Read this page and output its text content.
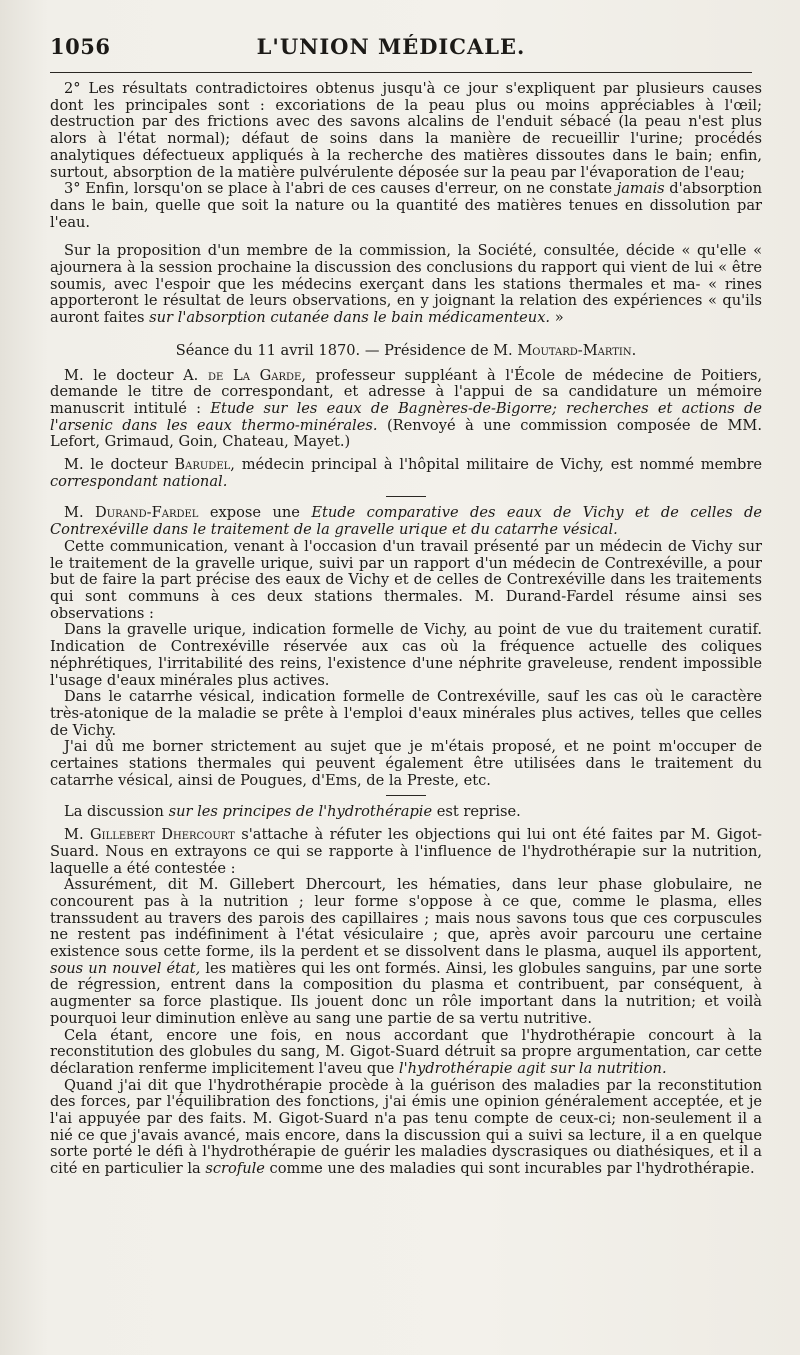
1056	L'UNION MÉDICALE.

2° Les résultats contradictoires obtenus jusqu'à ce jour s'expliquent par plusieurs causes dont les principales sont : excoriations de la peau plus ou moins appréciables à l'œil; destruction par des frictions avec des savons alcalins de l'enduit sébacé (la peau n'est plus alors à l'état normal); défaut de soins dans la manière de recueillir l'urine; procédés analytiques défectueux appliqués à la recherche des matières dissoutes dans le bain; enfin, surtout, absorption de la matière pulvérulente déposée sur la peau par l'évaporation de l'eau;

3° Enfin, lorsqu'on se place à l'abri de ces causes d'erreur, on ne constate jamais d'absorption dans le bain, quelle que soit la nature ou la quantité des matières tenues en dissolution par l'eau.

Sur la proposition d'un membre de la commission, la Société, consultée, décide « qu'elle « ajournera à la session prochaine la discussion des conclusions du rapport qui vient de lui « être soumis, avec l'espoir que les médecins exerçant dans les stations thermales et ma- « rines apporteront le résultat de leurs observations, en y joignant la relation des expériences « qu'ils auront faites sur l'absorption cutanée dans le bain médicamenteux. »

Séance du 11 avril 1870. — Présidence de M. Moutard-Martin.

M. le docteur A. de La Garde, professeur suppléant à l'École de médecine de Poitiers, demande le titre de correspondant, et adresse à l'appui de sa candidature un mémoire manuscrit intitulé : Etude sur les eaux de Bagnères-de-Bigorre; recherches et actions de l'arsenic dans les eaux thermo-minérales. (Renvoyé à une commission composée de MM. Lefort, Grimaud, Goin, Chateau, Mayet.)

M. le docteur Barudel, médecin principal à l'hôpital militaire de Vichy, est nommé membre correspondant national.

M. Durand-Fardel expose une Etude comparative des eaux de Vichy et de celles de Contrexéville dans le traitement de la gravelle urique et du catarrhe vésical.

Cette communication, venant à l'occasion d'un travail présenté par un médecin de Vichy sur le traitement de la gravelle urique, suivi par un rapport d'un médecin de Contrexéville, a pour but de faire la part précise des eaux de Vichy et de celles de Contrexéville dans les traitements qui sont communs à ces deux stations thermales. M. Durand-Fardel résume ainsi ses observations :

Dans la gravelle urique, indication formelle de Vichy, au point de vue du traitement curatif. Indication de Contrexéville réservée aux cas où la fréquence actuelle des coliques néphrétiques, l'irritabilité des reins, l'existence d'une néphrite graveleuse, rendent impossible l'usage d'eaux minérales plus actives.

Dans le catarrhe vésical, indication formelle de Contrexéville, sauf les cas où le caractère très-atonique de la maladie se prête à l'emploi d'eaux minérales plus actives, telles que celles de Vichy.

J'ai dû me borner strictement au sujet que je m'étais proposé, et ne point m'occuper de certaines stations thermales qui peuvent également être utilisées dans le traitement du catarrhe vésical, ainsi de Pougues, d'Ems, de la Preste, etc.

La discussion sur les principes de l'hydrothérapie est reprise.

M. Gillebert Dhercourt s'attache à réfuter les objections qui lui ont été faites par M. Gigot-Suard. Nous en extrayons ce qui se rapporte à l'influence de l'hydrothérapie sur la nutrition, laquelle a été contestée :

Assurément, dit M. Gillebert Dhercourt, les hématies, dans leur phase globulaire, ne concourent pas à la nutrition ; leur forme s'oppose à ce que, comme le plasma, elles transsudent au travers des parois des capillaires ; mais nous savons tous que ces corpuscules ne restent pas indéfiniment à l'état vésiculaire ; que, après avoir parcouru une certaine existence sous cette forme, ils la perdent et se dissolvent dans le plasma, auquel ils apportent, sous un nouvel état, les matières qui les ont formés. Ainsi, les globules sanguins, par une sorte de régression, entrent dans la composition du plasma et contribuent, par conséquent, à augmenter sa force plastique. Ils jouent donc un rôle important dans la nutrition; et voilà pourquoi leur diminution enlève au sang une partie de sa vertu nutritive.

Cela étant, encore une fois, en nous accordant que l'hydrothérapie concourt à la reconstitution des globules du sang, M. Gigot-Suard détruit sa propre argumentation, car cette déclaration renferme implicitement l'aveu que l'hydrothérapie agit sur la nutrition.

Quand j'ai dit que l'hydrothérapie procède à la guérison des maladies par la reconstitution des forces, par l'équilibration des fonctions, j'ai émis une opinion généralement acceptée, et je l'ai appuyée par des faits. M. Gigot-Suard n'a pas tenu compte de ceux-ci; non-seulement il a nié ce que j'avais avancé, mais encore, dans la discussion qui a suivi sa lecture, il a en quelque sorte porté le défi à l'hydrothérapie de guérir les maladies dyscrasiques ou diathésiques, et il a cité en particulier la scrofule comme une des maladies qui sont incurables par l'hydrothérapie.
